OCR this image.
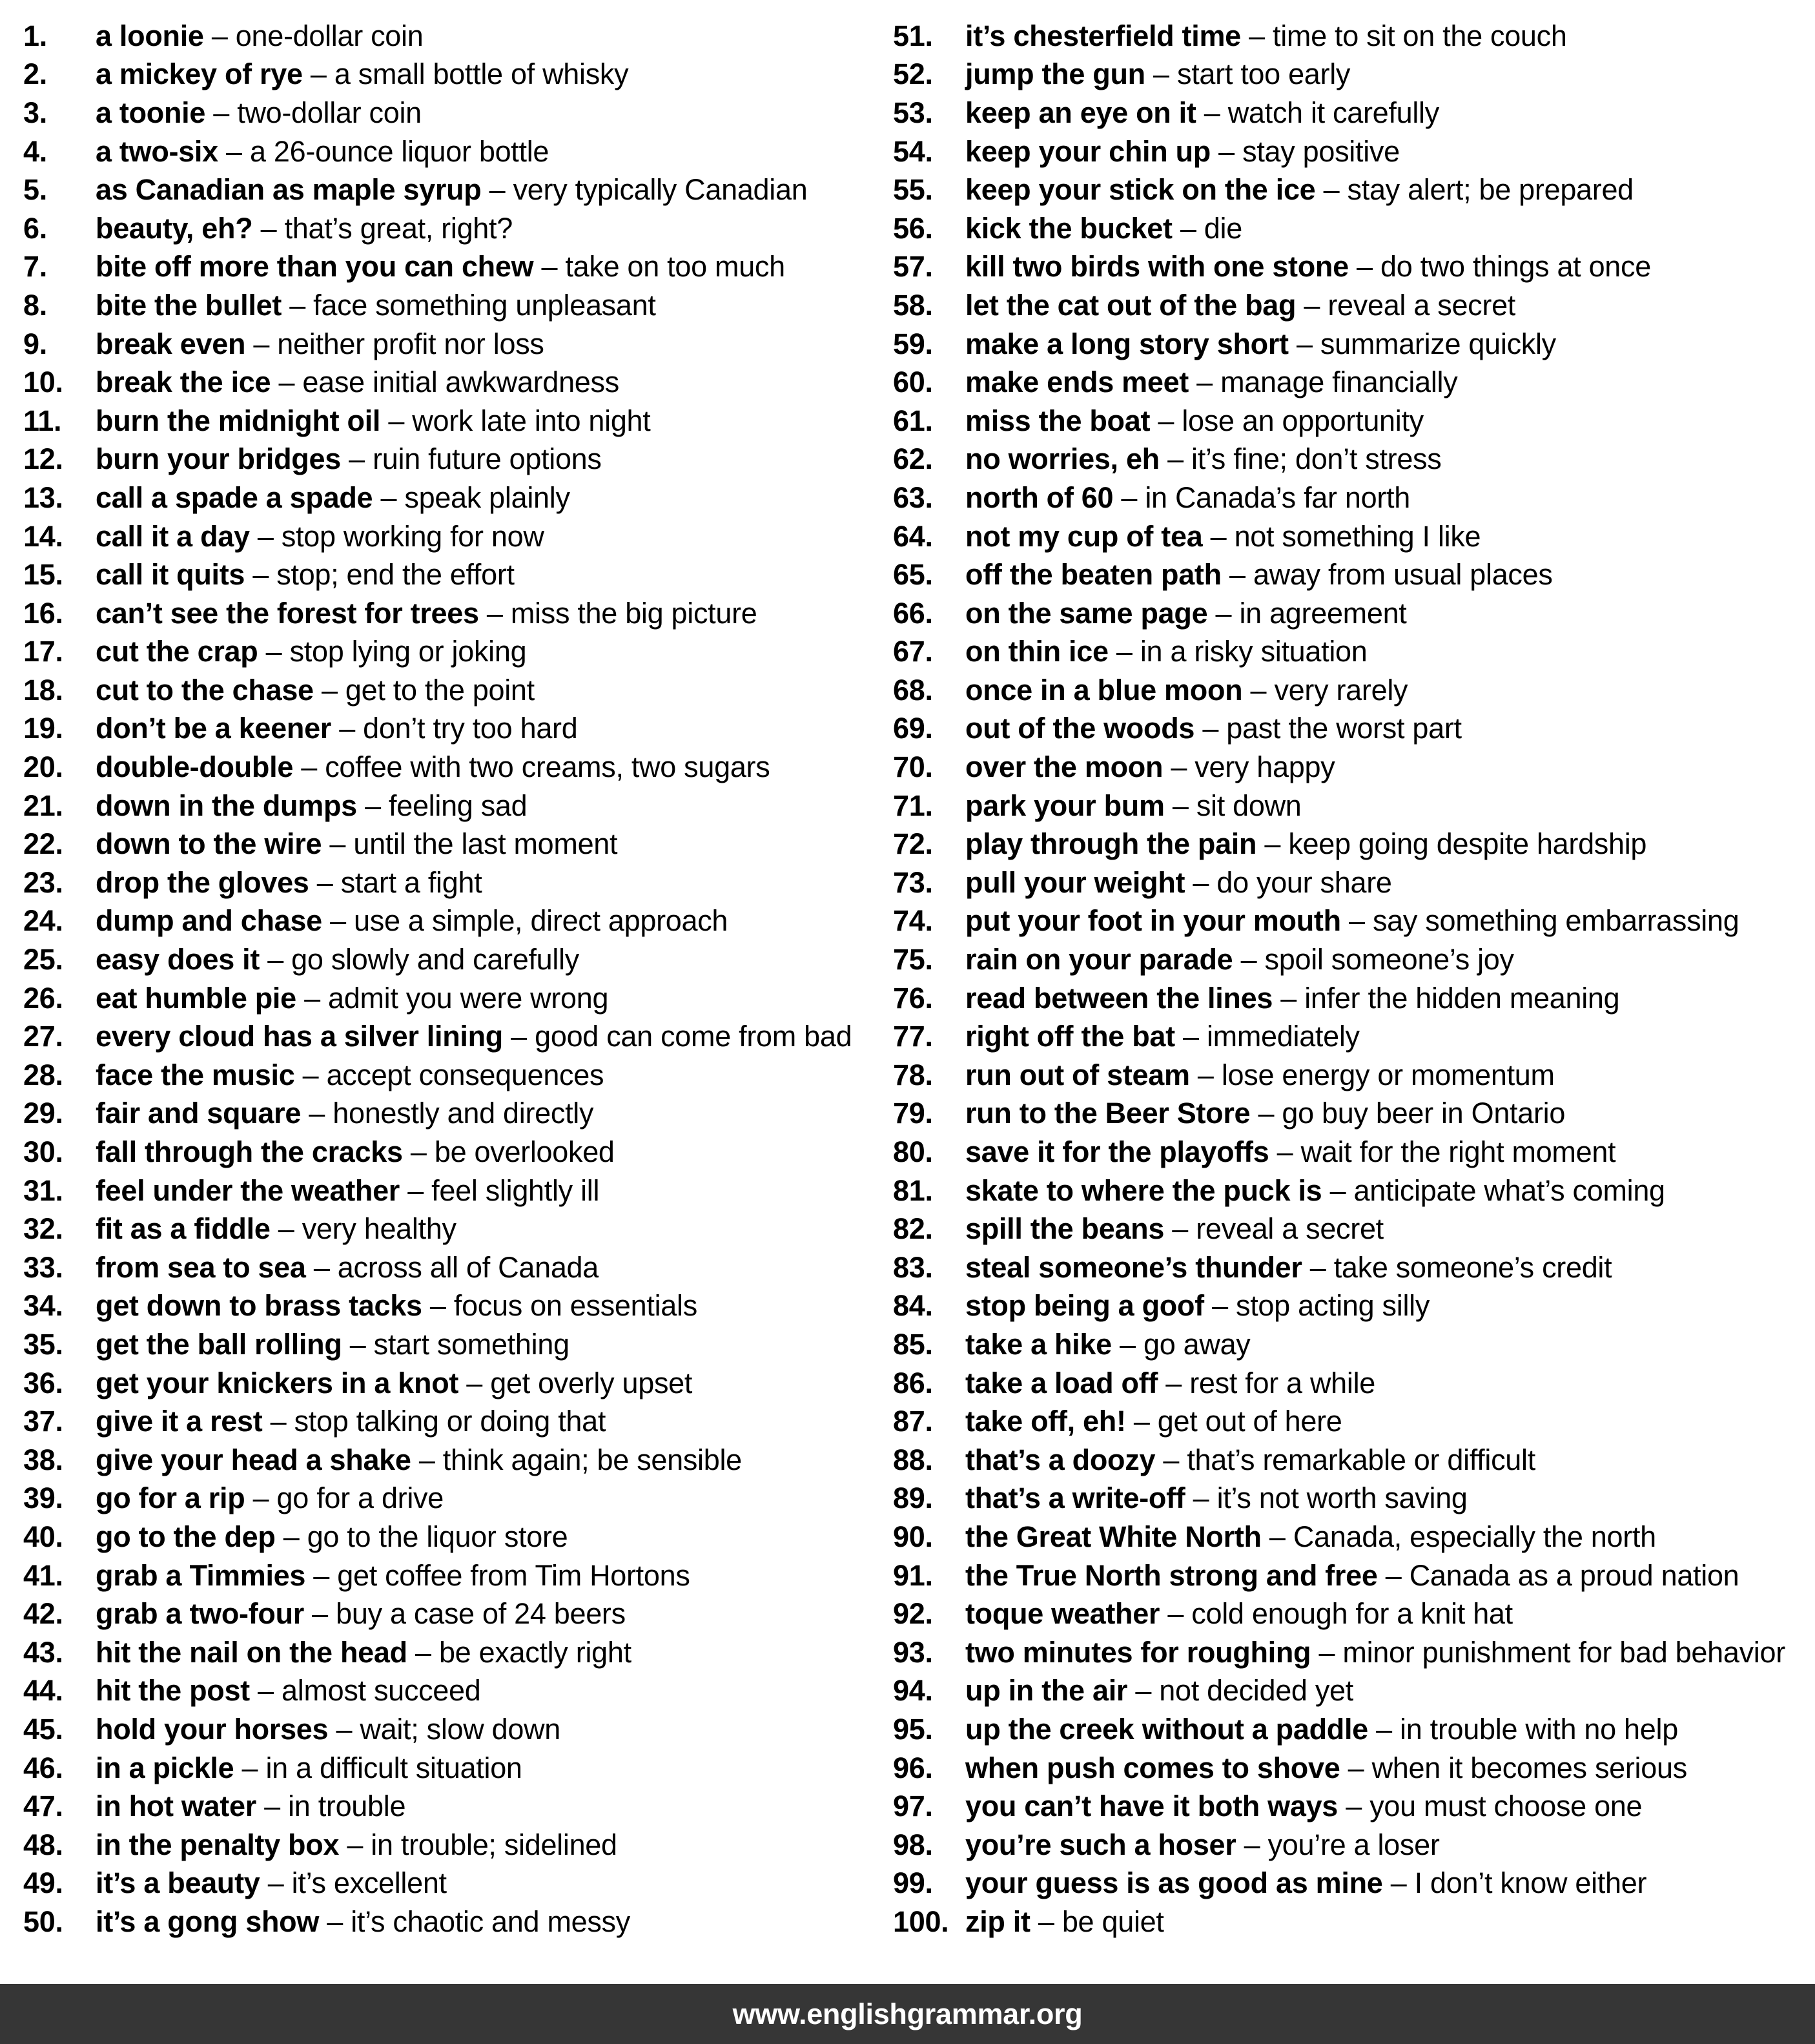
1.	a loonie – one-dollar coin
2.	a mickey of rye – a small bottle of whisky
3.	a toonie – two-dollar coin
4.	a two-six – a 26-ounce liquor bottle
5.	as Canadian as maple syrup – very typically Canadian
6.	beauty, eh? – that’s great, right?
7.	bite off more than you can chew – take on too much
8.	bite the bullet – face something unpleasant
9.	break even – neither profit nor loss
10.	break the ice – ease initial awkwardness
11.	burn the midnight oil – work late into night
12.	burn your bridges – ruin future options
13.	call a spade a spade – speak plainly
14.	call it a day – stop working for now
15.	call it quits – stop; end the effort
16.	can’t see the forest for trees – miss the big picture
17.	cut the crap – stop lying or joking
18.	cut to the chase – get to the point
19.	don’t be a keener – don’t try too hard
20.	double-double – coffee with two creams, two sugars
21.	down in the dumps – feeling sad
22.	down to the wire – until the last moment
23.	drop the gloves – start a fight
24.	dump and chase – use a simple, direct approach
25.	easy does it – go slowly and carefully
26.	eat humble pie – admit you were wrong
27.	every cloud has a silver lining – good can come from bad
28.	face the music – accept consequences
29.	fair and square – honestly and directly
30.	fall through the cracks – be overlooked
31.	feel under the weather – feel slightly ill
32.	fit as a fiddle – very healthy
33.	from sea to sea – across all of Canada
34.	get down to brass tacks – focus on essentials
35.	get the ball rolling – start something
36.	get your knickers in a knot – get overly upset
37.	give it a rest – stop talking or doing that
38.	give your head a shake – think again; be sensible
39.	go for a rip – go for a drive
40.	go to the dep – go to the liquor store
41.	grab a Timmies – get coffee from Tim Hortons
42.	grab a two-four – buy a case of 24 beers
43.	hit the nail on the head – be exactly right
44.	hit the post – almost succeed
45.	hold your horses – wait; slow down
46.	in a pickle – in a difficult situation
47.	in hot water – in trouble
48.	in the penalty box – in trouble; sidelined
49.	it’s a beauty – it’s excellent
50.	it’s a gong show – it’s chaotic and messy
51.	it’s chesterfield time – time to sit on the couch
52.	jump the gun – start too early
53.	keep an eye on it – watch it carefully
54.	keep your chin up – stay positive
55.	keep your stick on the ice – stay alert; be prepared
56.	kick the bucket – die
57.	kill two birds with one stone – do two things at once
58.	let the cat out of the bag – reveal a secret
59.	make a long story short – summarize quickly
60.	make ends meet – manage financially
61.	miss the boat – lose an opportunity
62.	no worries, eh – it’s fine; don’t stress
63.	north of 60 – in Canada’s far north
64.	not my cup of tea – not something I like
65.	off the beaten path – away from usual places
66.	on the same page – in agreement
67.	on thin ice – in a risky situation
68.	once in a blue moon – very rarely
69.	out of the woods – past the worst part
70.	over the moon – very happy
71.	park your bum – sit down
72.	play through the pain – keep going despite hardship
73.	pull your weight – do your share
74.	put your foot in your mouth – say something embarrassing
75.	rain on your parade – spoil someone’s joy
76.	read between the lines – infer the hidden meaning
77.	right off the bat – immediately
78.	run out of steam – lose energy or momentum
79.	run to the Beer Store – go buy beer in Ontario
80.	save it for the playoffs – wait for the right moment
81.	skate to where the puck is – anticipate what’s coming
82.	spill the beans – reveal a secret
83.	steal someone’s thunder – take someone’s credit
84.	stop being a goof – stop acting silly
85.	take a hike – go away
86.	take a load off – rest for a while
87.	take off, eh! – get out of here
88.	that’s a doozy – that’s remarkable or difficult
89.	that’s a write-off – it’s not worth saving
90.	the Great White North – Canada, especially the north
91.	the True North strong and free – Canada as a proud nation
92.	toque weather – cold enough for a knit hat
93.	two minutes for roughing – minor punishment for bad behavior
94.	up in the air – not decided yet
95.	up the creek without a paddle – in trouble with no help
96.	when push comes to shove – when it becomes serious
97.	you can’t have it both ways – you must choose one
98.	you’re such a hoser – you’re a loser
99.	your guess is as good as mine – I don’t know either
100. zip it – be quiet
www.englishgrammar.org
